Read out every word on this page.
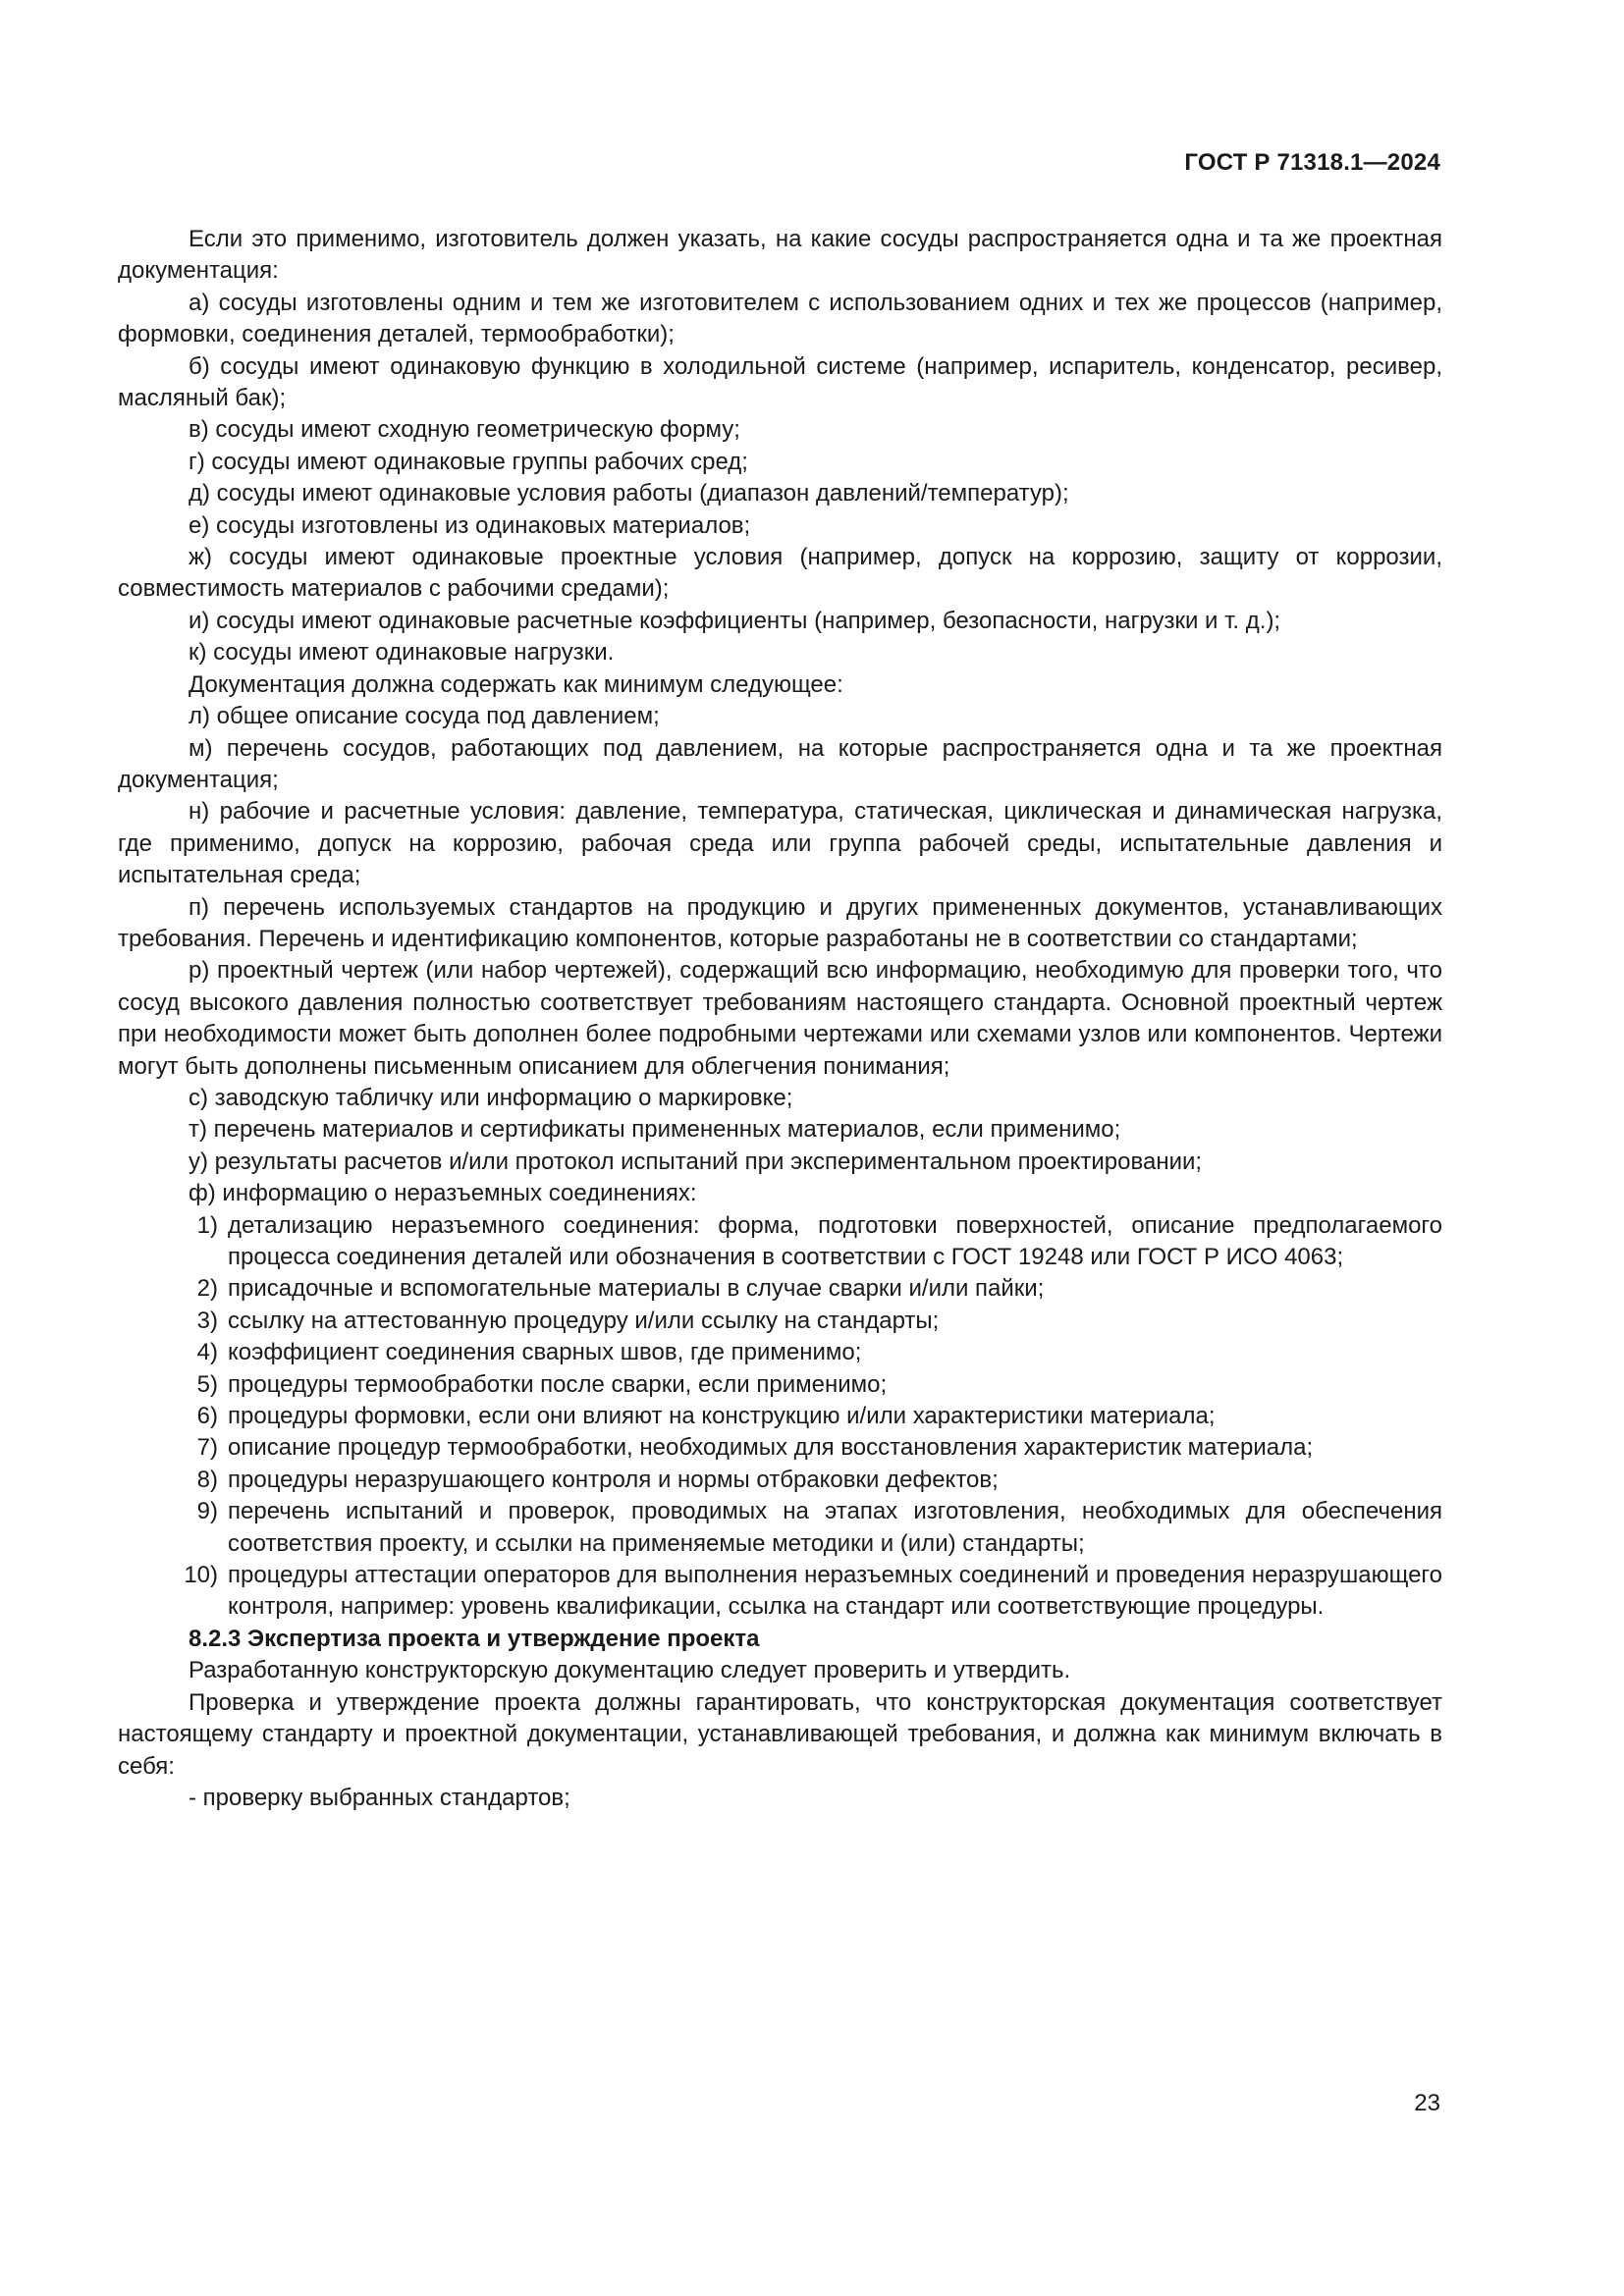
ГОСТ Р 71318.1—2024

Если это применимо, изготовитель должен указать, на какие сосуды распространяется одна и та же проектная документация:

а) сосуды изготовлены одним и тем же изготовителем с использованием одних и тех же процессов (например, формовки, соединения деталей, термообработки);

б) сосуды имеют одинаковую функцию в холодильной системе (например, испаритель, конденсатор, ресивер, масляный бак);

в) сосуды имеют сходную геометрическую форму;

г) сосуды имеют одинаковые группы рабочих сред;

д) сосуды имеют одинаковые условия работы (диапазон давлений/температур);

е) сосуды изготовлены из одинаковых материалов;

ж) сосуды имеют одинаковые проектные условия (например, допуск на коррозию, защиту от коррозии, совместимость материалов с рабочими средами);

и) сосуды имеют одинаковые расчетные коэффициенты (например, безопасности, нагрузки и т. д.);

к) сосуды имеют одинаковые нагрузки.

Документация должна содержать как минимум следующее:

л) общее описание сосуда под давлением;

м) перечень сосудов, работающих под давлением, на которые распространяется одна и та же проектная документация;

н) рабочие и расчетные условия: давление, температура, статическая, циклическая и динамическая нагрузка, где применимо, допуск на коррозию, рабочая среда или группа рабочей среды, испытательные давления и испытательная среда;

п) перечень используемых стандартов на продукцию и других примененных документов, устанавливающих требования. Перечень и идентификацию компонентов, которые разработаны не в соответствии со стандартами;

р) проектный чертеж (или набор чертежей), содержащий всю информацию, необходимую для проверки того, что сосуд высокого давления полностью соответствует требованиям настоящего стандарта. Основной проектный чертеж при необходимости может быть дополнен более подробными чертежами или схемами узлов или компонентов. Чертежи могут быть дополнены письменным описанием для облегчения понимания;

с) заводскую табличку или информацию о маркировке;

т) перечень материалов и сертификаты примененных материалов, если применимо;

у) результаты расчетов и/или протокол испытаний при экспериментальном проектировании;

ф) информацию о неразъемных соединениях:

1) детализацию неразъемного соединения: форма, подготовки поверхностей, описание предполагаемого процесса соединения деталей или обозначения в соответствии с ГОСТ 19248 или ГОСТ Р ИСО 4063;
2) присадочные и вспомогательные материалы в случае сварки и/или пайки;
3) ссылку на аттестованную процедуру и/или ссылку на стандарты;
4) коэффициент соединения сварных швов, где применимо;
5) процедуры термообработки после сварки, если применимо;
6) процедуры формовки, если они влияют на конструкцию и/или характеристики материала;
7) описание процедур термообработки, необходимых для восстановления характеристик материала;
8) процедуры неразрушающего контроля и нормы отбраковки дефектов;
9) перечень испытаний и проверок, проводимых на этапах изготовления, необходимых для обеспечения соответствия проекту, и ссылки на применяемые методики и (или) стандарты;
10) процедуры аттестации операторов для выполнения неразъемных соединений и проведения неразрушающего контроля, например: уровень квалификации, ссылка на стандарт или соответствующие процедуры.

8.2.3 Экспертиза проекта и утверждение проекта

Разработанную конструкторскую документацию следует проверить и утвердить.

Проверка и утверждение проекта должны гарантировать, что конструкторская документация соответствует настоящему стандарту и проектной документации, устанавливающей требования, и должна как минимум включать в себя:

- проверку выбранных стандартов;

23
